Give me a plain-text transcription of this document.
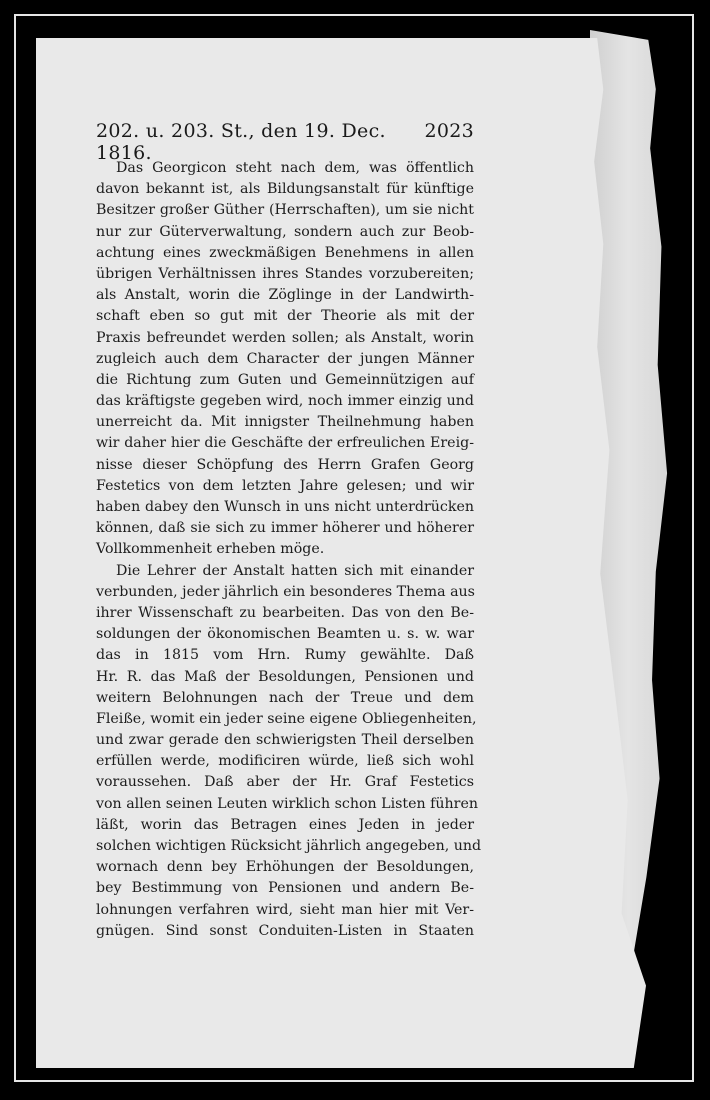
202. u. 203. St., den 19. Dec. 1816.
2023
Das Georgicon steht nach dem, was öffentlich
davon bekannt ist, als Bildungsanstalt für künftige
Besitzer großer Güther (Herrschaften), um sie nicht
nur zur Güterverwaltung, sondern auch zur Beob-
achtung eines zweckmäßigen Benehmens in allen
übrigen Verhältnissen ihres Standes vorzubereiten;
als Anstalt, worin die Zöglinge in der Landwirth-
schaft eben so gut mit der Theorie als mit der
Praxis befreundet werden sollen; als Anstalt, worin
zugleich auch dem Character der jungen Männer
die Richtung zum Guten und Gemeinnützigen auf
das kräftigste gegeben wird, noch immer einzig und
unerreicht da. Mit innigster Theilnehmung haben
wir daher hier die Geschäfte der erfreulichen Ereig-
nisse dieser Schöpfung des Herrn Grafen Georg
Festetics von dem letzten Jahre gelesen; und wir
haben dabey den Wunsch in uns nicht unterdrücken
können, daß sie sich zu immer höherer und höherer
Vollkommenheit erheben möge.
Die Lehrer der Anstalt hatten sich mit einander
verbunden, jeder jährlich ein besonderes Thema aus
ihrer Wissenschaft zu bearbeiten. Das von den Be-
soldungen der ökonomischen Beamten u. s. w. war
das in 1815 vom Hrn. Rumy gewählte. Daß
Hr. R. das Maß der Besoldungen, Pensionen und
weitern Belohnungen nach der Treue und dem
Fleiße, womit ein jeder seine eigene Obliegenheiten,
und zwar gerade den schwierigsten Theil derselben
erfüllen werde, modificiren würde, ließ sich wohl
voraussehen. Daß aber der Hr. Graf Festetics
von allen seinen Leuten wirklich schon Listen führen
läßt, worin das Betragen eines Jeden in jeder
solchen wichtigen Rücksicht jährlich angegeben, und
wornach denn bey Erhöhungen der Besoldungen,
bey Bestimmung von Pensionen und andern Be-
lohnungen verfahren wird, sieht man hier mit Ver-
gnügen. Sind sonst Conduiten-Listen in Staaten
